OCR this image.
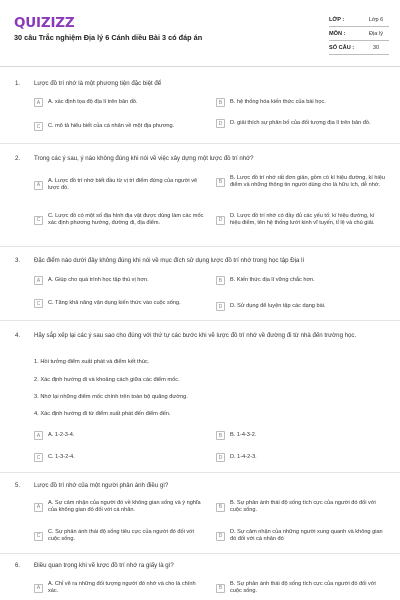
QUIZIZZ
30 câu Trắc nghiệm Địa lý 6 Cánh diều Bài 3 có đáp án
LỚP :	Lớp 6
MÔN :	Địa lý
SỐ CÂU :	30
1. Lược đồ trí nhớ là một phương tiện đặc biệt để
A	A. xác định tọa độ địa lí trên bản đồ.	B	B. hệ thống hóa kiến thức của bài học.
C	C. mô tả hiểu biết của cá nhân về một địa phương.	D	D. giải thích sự phân bố của đối tượng địa lí trên bản đồ.
2. Trong các ý sau, ý nào không đúng khi nói về việc xây dựng một lược đồ trí nhớ?
A
A. Lược đồ trí nhớ biết đầu từ vị trí điểm đứng của người vẽ lược đồ.
B
B. Lược đồ trí nhớ rất đơn giản, gồm có kí hiệu đường, kí hiệu điểm và những thông tin người dùng cho là hữu ích, dễ nhớ.
C
C. Lược đồ có một số địa hình địa vật được dùng làm các mốc xác định phương hướng, đường đi, địa điểm.	D
D. Lược đồ trí nhớ có đầy đủ các yếu tố: kí hiệu đường, kí hiệu điểm, tên hệ thống lưới kinh vĩ tuyến, tỉ lệ và chú giải.
3. Đặc điểm nào dưới đây không đúng khi nói về mục đích sử dụng lược đồ trí nhớ trong học tập Địa lí
A	A. Giúp cho quá trình học tập thú vị hơn.	B	B. Kiến thức địa lí vững chắc hơn.
C	C. Tăng khả năng vận dụng kiến thức vào cuộc sống.
D	D. Sử dụng để luyện tập các dạng bài.
4. Hãy sắp xếp lại các ý sau sao cho đúng với thứ tự các bước khi vẽ lược đồ trí nhớ về đường đi từ nhà đến trường học.
1. Hồi tưởng điểm xuất phát và điểm kết thúc.
2. Xác định hướng đi và khoảng cách giữa các điểm mốc.
3. Nhớ lại những điểm mốc chính trên toàn bộ quãng đường.
4. Xác định hướng đi từ điểm xuất phát đến điểm đến.
A	A. 1-2-3-4.	B	B. 1-4-3-2.
C	C. 1-3-2-4.	D	D. 1-4-2-3.
5. Lược đồ trí nhớ của một người phản ánh điều gì?
A
A. Sự cảm nhận của người đó về không gian sống và ý nghĩa của không gian đó đối với cá nhân.	B
B. Sự phản ánh thái độ sống tích cực của người đó đối với cuộc sống.
C
C. Sự phản ánh thái độ sống tiêu cực của người đó đối với cuộc sống.	D
D. Sự cảm nhận của những người xung quanh và không gian đó đối với cá nhân đó
6. Điều quan trọng khi vẽ lược đồ trí nhớ ra giấy là gì?
A
A. Chỉ vẽ ra những đối tượng người đó nhớ và cho là chính xác.	B
B. Sự phản ánh thái độ sống tích cực của người đó đối với cuộc sống.
